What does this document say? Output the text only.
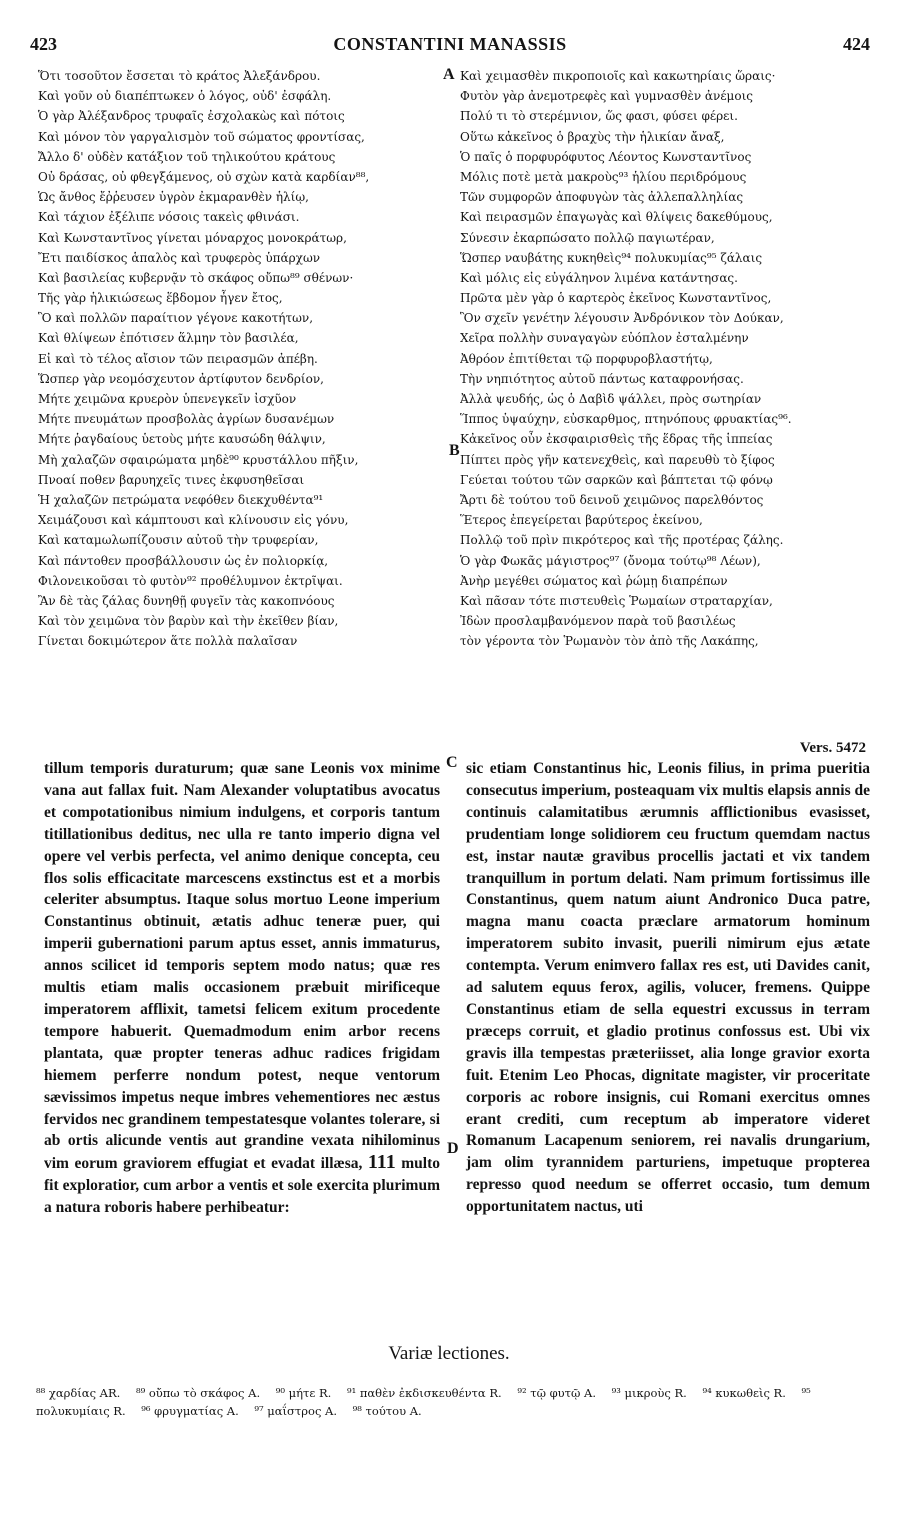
423	CONSTANTINI MANASSIS	424
Ὅτι τοσοῦτον ἔσσεται τὸ κράτος Ἀλεξάνδρου.
Καὶ γοῦν οὐ διαπέπτωκεν ὁ λόγος, οὐδ' ἐσφάλη.
Ὁ γὰρ Ἀλέξανδρος τρυφαῖς ἐσχολακὼς καὶ πότοις
Καὶ μόνον τὸν γαργαλισμὸν τοῦ σώματος φροντίσας,
Ἄλλο δ' οὐδὲν κατάξιον τοῦ τηλικούτου κράτους
Οὐ δράσας, οὐ φθεγξάμενος, οὐ σχὼν κατὰ καρδίαν⁸⁸,
Ὡς ἄνθος ἔῤῥευσεν ὑγρὸν ἐκμαρανθὲν ἡλίῳ,
Καὶ τάχιον ἐξέλιπε νόσοις τακεὶς φθινάσι.
Καὶ Κωνσταντῖνος γίνεται μόναρχος μονοκράτωρ,
Ἔτι παιδίσκος ἁπαλὸς καὶ τρυφερὸς ὑπάρχων
Καὶ βασιλείας κυβερνᾷν τὸ σκάφος οὔπω⁸⁹ σθένων·
Τῆς γὰρ ἡλικιώσεως ἕβδομον ἦγεν ἔτος,
Ὃ καὶ πολλῶν παραίτιον γέγονε κακοτήτων,
Καὶ θλίψεων ἐπότισεν ἅλμην τὸν βασιλέα,
Εἰ καὶ τὸ τέλος αἴσιον τῶν πειρασμῶν ἀπέβη.
Ὥσπερ γὰρ νεομόσχευτον ἀρτίφυτον δενδρίον,
Μήτε χειμῶνα κρυερὸν ὑπενεγκεῖν ἰσχῦον
Μήτε πνευμάτων προσβολὰς ἀγρίων δυσανέμων
Μήτε ῥαγδαίους ὑετοὺς μήτε καυσώδη θάλψιν,
Μὴ χαλαζῶν σφαιρώματα μηδὲ⁹⁰ κρυστάλλου πῆξιν,
Πνοαί ποθεν βαρυηχεῖς τινες ἐκφυσηθεῖσαι
Ἡ χαλαζῶν πετρώματα νεφόθεν διεκχυθέντα⁹¹
Χειμάζουσι καὶ κάμπτουσι καὶ κλίνουσιν εἰς γόνυ,
Καὶ καταμωλωπίζουσιν αὐτοῦ τὴν τρυφερίαν,
Καὶ πάντοθεν προσβάλλουσιν ὡς ἐν πολιορκίᾳ,
Φιλονεικοῦσαι τὸ φυτὸν⁹² προθέλυμνον ἐκτρῖψαι.
Ἂν δὲ τὰς ζάλας δυνηθῇ φυγεῖν τὰς κακοπνόους
Καὶ τὸν χειμῶνα τὸν βαρὺν καὶ τὴν ἐκεῖθεν βίαν,
Γίνεται δοκιμώτερον ἅτε πολλὰ παλαῖσαν
Καὶ χειμασθὲν πικροποιοῖς καὶ κακωτηρίαις ὥραις·
Φυτὸν γὰρ ἀνεμοτρεφὲς καὶ γυμνασθὲν ἀνέμοις
Πολύ τι τὸ στερέμνιον, ὥς φασι, φύσει φέρει.
Οὕτω κἀκεῖνος ὁ βραχὺς τὴν ἡλικίαν ἄναξ,
Ὁ παῖς ὁ πορφυρόφυτος Λέοντος Κωνσταντῖνος
Μόλις ποτὲ μετὰ μακροὺς⁹³ ἡλίου περιδρόμους
Τῶν συμφορῶν ἀποφυγὼν τὰς ἀλλεπαλληλίας
Καὶ πειρασμῶν ἐπαγωγὰς καὶ θλίψεις δακεθύμους,
Σύνεσιν ἐκαρπώσατο πολλῷ παγιωτέραν,
Ὥσπερ ναυβάτης κυκηθεὶς⁹⁴ πολυκυμίας⁹⁵ ζάλαις
Καὶ μόλις εἰς εὐγάληνον λιμένα κατάντησας.
Πρῶτα μὲν γὰρ ὁ καρτερὸς ἐκεῖνος Κωνσταντῖνος,
Ὃν σχεῖν γενέτην λέγουσιν Ἀνδρόνικον τὸν Δούκαν,
Χεῖρα πολλὴν συναγαγὼν εὐόπλον ἐσταλμένην
Ἀθρόον ἐπιτίθεται τῷ πορφυροβλαστήτῳ,
Τὴν νηπιότητος αὐτοῦ πάντως καταφρονήσας.
Ἀλλὰ ψευδής, ὡς ὁ Δαβὶδ ψάλλει, πρὸς σωτηρίαν
Ἵππος ὑψαύχην, εὐσκαρθμος, πτηνόπους φρυακτίας⁹⁶.
Κἀκεῖνος οὖν ἐκσφαιρισθεὶς τῆς ἕδρας τῆς ἱππείας
Πίπτει πρὸς γῆν κατενεχθεὶς, καὶ παρευθὺ τὸ ξίφος
Γεύεται τούτου τῶν σαρκῶν καὶ βάπτεται τῷ φόνῳ
Ἄρτι δὲ τούτου τοῦ δεινοῦ χειμῶνος παρελθόντος
Ἕτερος ἐπεγείρεται βαρύτερος ἐκείνου,
Πολλῷ τοῦ πρὶν πικρότερος καὶ τῆς προτέρας ζάλης.
Ὁ γὰρ Φωκᾶς μάγιστρος⁹⁷ (ὄνομα τούτῳ⁹⁸ Λέων),
Ἀνὴρ μεγέθει σώματος καὶ ῥώμῃ διαπρέπων
Καὶ πᾶσαν τότε πιστευθεὶς Ῥωμαίων στραταρχίαν,
Ἰδὼν προσλαμβανόμενον παρὰ τοῦ βασιλέως
τὸν γέροντα τὸν Ῥωμανὸν τὸν ἀπὸ τῆς Λακάπης,
A
B
C
D
Vers. 5472
tillum temporis duraturum; quæ sane Leonis vox minime vana aut fallax fuit. Nam Alexander voluptatibus avocatus et compotationibus nimium indulgens, et corporis tantum titillationibus deditus, nec ulla re tanto imperio digna vel opere vel verbis perfecta, vel animo denique concepta, ceu flos solis efficacitate marcescens exstinctus est et a morbis celeriter absumptus. Itaque solus mortuo Leone imperium Constantinus obtinuit, ætatis adhuc teneræ puer, qui imperii gubernationi parum aptus esset, annis immaturus, annos scilicet id temporis septem modo natus; quæ res multis etiam malis occasionem præbuit mirificeque imperatorem afflixit, tametsi felicem exitum procedente tempore habuerit. Quemadmodum enim arbor recens plantata, quæ propter teneras adhuc radices frigidam hiemem perferre nondum potest, neque ventorum sævissimos impetus neque imbres vehementiores nec æstus fervidos nec grandinem tempestatesque volantes tolerare, si ab ortis alicunde ventis aut grandine vexata nihilominus vim eorum graviorem effugiat et evadat illæsa, 111 multo fit exploratior, cum arbor a ventis et sole exercita plurimum a natura roboris habere perhibeatur:
sic etiam Constantinus hic, Leonis filius, in prima pueritia consecutus imperium, posteaquam vix multis elapsis annis de continuis calamitatibus ærumnis afflictionibus evasisset, prudentiam longe solidiorem ceu fructum quemdam nactus est, instar nautæ gravibus procellis jactati et vix tandem tranquillum in portum delati. Nam primum fortissimus ille Constantinus, quem natum aiunt Andronico Duca patre, magna manu coacta præclare armatorum hominum imperatorem subito invasit, puerili nimirum ejus ætate contempta. Verum enimvero fallax res est, uti Davides canit, ad salutem equus ferox, agilis, volucer, fremens. Quippe Constantinus etiam de sella equestri excussus in terram præceps corruit, et gladio protinus confossus est. Ubi vix gravis illa tempestas præteriisset, alia longe gravior exorta fuit. Etenim Leo Phocas, dignitate magister, vir proceritate corporis ac robore insignis, cui Romani exercitus omnes erant crediti, cum receptum ab imperatore videret Romanum Lacapenum seniorem, rei navalis drungarium, jam olim tyrannidem parturiens, impetuque propterea represso quod needum se offerret occasio, tum demum opportunitatem nactus, uti
Variæ lectiones.
⁸⁸ χαρδίας AR. ⁸⁹ οὔπω τὸ σκάφος A. ⁹⁰ μήτε R. ⁹¹ παθὲν ἐκδισκευθέντα R. ⁹² τῷ φυτῷ A. ⁹³ μικροὺς R. ⁹⁴ κυκωθεὶς R. ⁹⁵ πολυκυμίαις R. ⁹⁶ φρυγματίας A. ⁹⁷ μαΐστρος A. ⁹⁸ τούτου A.
